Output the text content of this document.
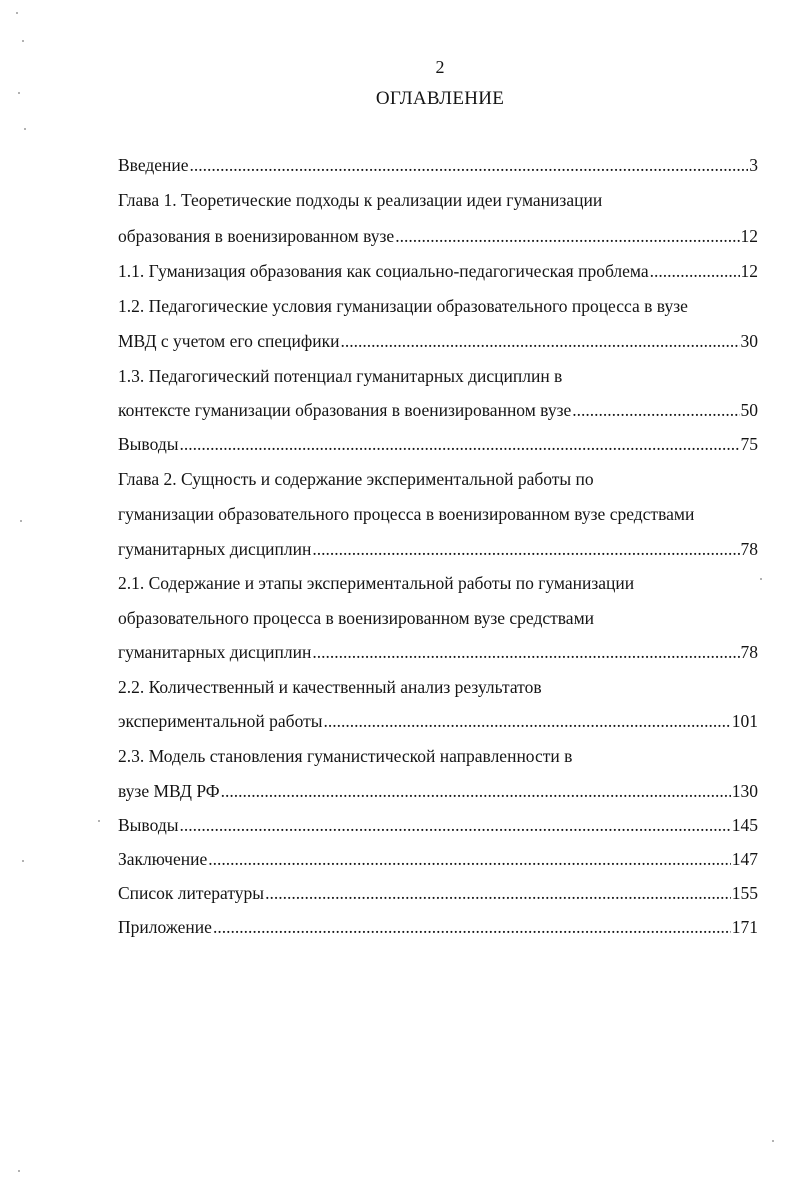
2
ОГЛАВЛЕНИЕ
Введение .....	3
Глава 1. Теоретические подходы к реализации идеи гуманизации
образования в военизированном вузе .....	12
1.1. Гуманизация образования как социально-педагогическая проблема .....	12
1.2. Педагогические условия гуманизации образовательного процесса в вузе
МВД с учетом его специфики .....	30
1.3. Педагогический потенциал гуманитарных дисциплин в
контексте гуманизации образования в военизированном вузе .....	50
Выводы .....	75
Глава 2. Сущность и содержание экспериментальной работы по
гуманизации образовательного процесса в военизированном вузе средствами
гуманитарных дисциплин .....	78
2.1. Содержание и этапы экспериментальной работы по гуманизации
образовательного процесса в военизированном вузе средствами
гуманитарных дисциплин .....	78
2.2. Количественный и качественный анализ результатов
экспериментальной работы .....	101
2.3. Модель становления гуманистической направленности в
вузе МВД РФ .....	130
Выводы .....	145
Заключение .....	147
Список литературы .....	155
Приложение .....	171
